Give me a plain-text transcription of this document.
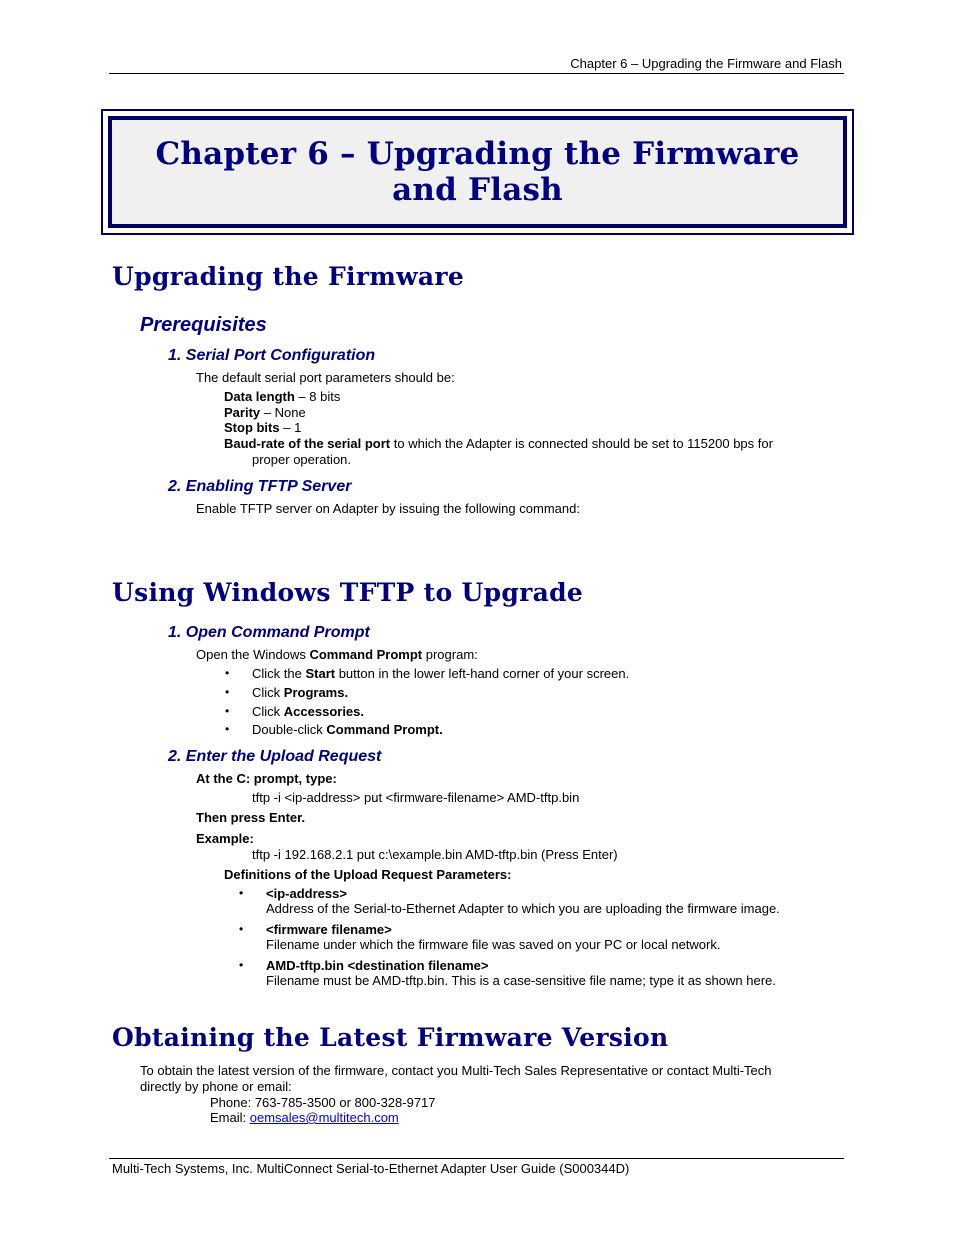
Chapter 6 – Upgrading the Firmware and Flash
Chapter 6 – Upgrading the Firmware
and Flash
Upgrading the Firmware
Prerequisites
1. Serial Port Configuration
The default serial port parameters should be:
Data length – 8 bits
Parity – None
Stop bits – 1
Baud-rate of the serial port to which the Adapter is connected should be set to 115200 bps for
proper operation.
2. Enabling TFTP Server
Enable TFTP server on Adapter by issuing the following command:
Using Windows TFTP to Upgrade
1. Open Command Prompt
Open the Windows Command Prompt program:
• Click the Start button in the lower left-hand corner of your screen.
• Click Programs.
• Click Accessories.
• Double-click Command Prompt.
2. Enter the Upload Request
At the C: prompt, type:
tftp -i <ip-address> put <firmware-filename> AMD-tftp.bin
Then press Enter.
Example:
tftp -i 192.168.2.1 put c:\example.bin AMD-tftp.bin (Press Enter)
Definitions of the Upload Request Parameters:
• <ip-address>
Address of the Serial-to-Ethernet Adapter to which you are uploading the firmware image.
• <firmware filename>
Filename under which the firmware file was saved on your PC or local network.
• AMD-tftp.bin <destination filename>
Filename must be AMD-tftp.bin. This is a case-sensitive file name; type it as shown here.
Obtaining the Latest Firmware Version
To obtain the latest version of the firmware, contact you Multi-Tech Sales Representative or contact Multi-Tech
directly by phone or email:
Phone: 763-785-3500 or 800-328-9717
Email: oemsales@multitech.com
Multi-Tech Systems, Inc. MultiConnect Serial-to-Ethernet Adapter User Guide (S000344D)
